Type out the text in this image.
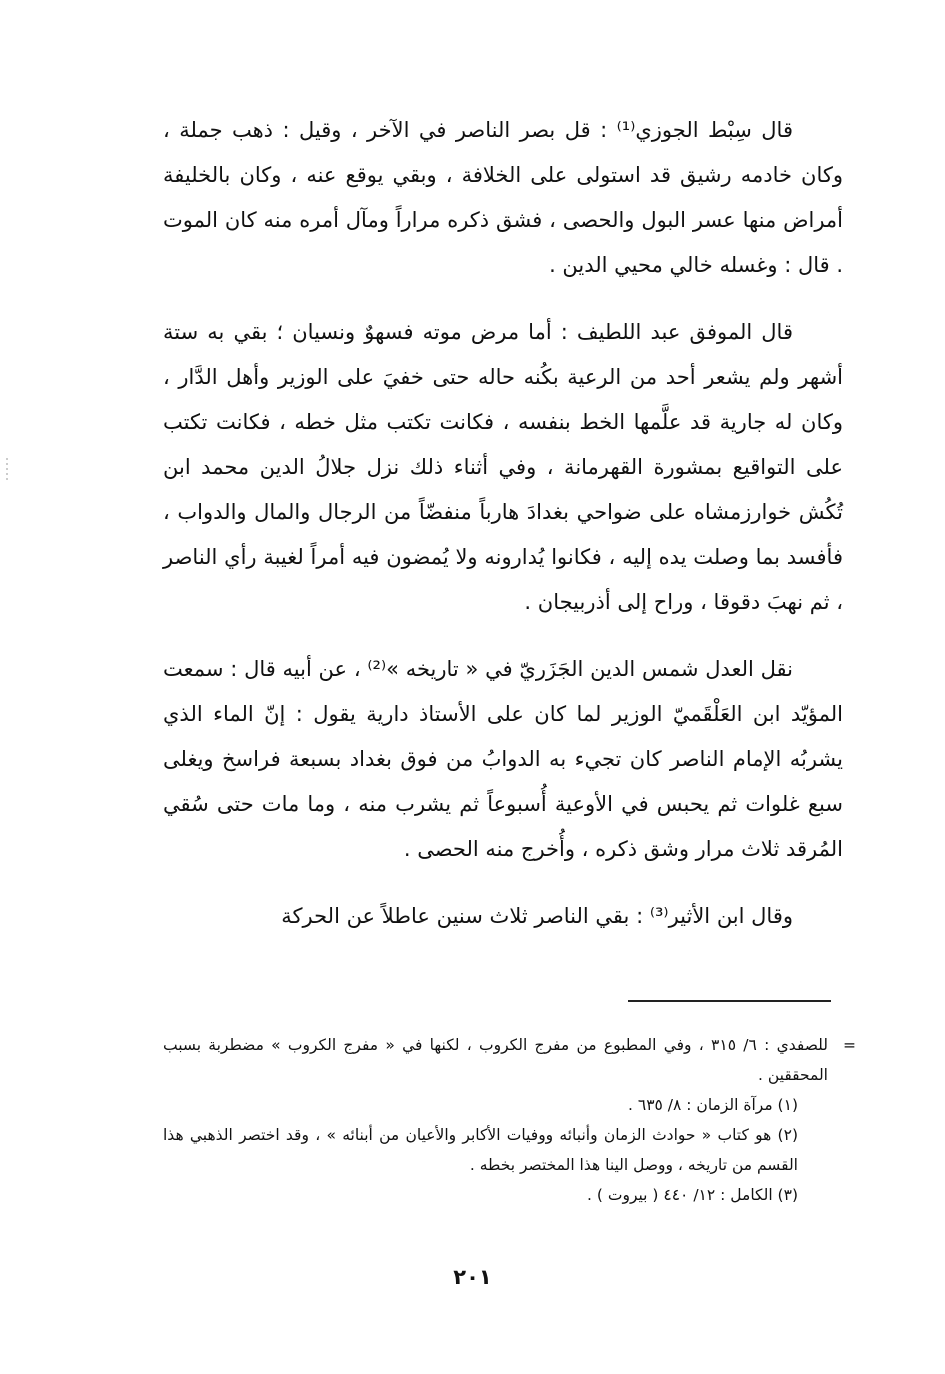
قال سِبْط الجوزي⁽¹⁾ : قل بصر الناصر في الآخر ، وقيل : ذهب جملة ، وكان خادمه رشيق قد استولى على الخلافة ، وبقي يوقع عنه ، وكان بالخليفة أمراض منها عسر البول والحصى ، فشق ذكره مراراً ومآل أمره منه كان الموت . قال : وغسله خالي محيي الدين .

قال الموفق عبد اللطيف : أما مرض موته فسهوٌ ونسيان ؛ بقي به ستة أشهر ولم يشعر أحد من الرعية بكُنه حاله حتى خفيَ على الوزير وأهل الدَّار ، وكان له جارية قد علَّمها الخط بنفسه ، فكانت تكتب مثل خطه ، فكانت تكتب على التواقيع بمشورة القهرمانة ، وفي أثناء ذلك نزل جلالُ الدين محمد ابن تُكُش خوارزمشاه على ضواحي بغدادَ هارباً منفضّاً من الرجال والمال والدواب ، فأفسد بما وصلت يده إليه ، فكانوا يُدارونه ولا يُمضون فيه أمراً لغيبة رأي الناصر ، ثم نهبَ دقوقا ، وراح إلى أذربيجان .

نقل العدل شمس الدين الجَزَريّ في « تاريخه »⁽²⁾ ، عن أبيه قال : سمعت المؤيّد ابن العَلْقَميّ الوزير لما كان على الأستاذ دارية يقول : إنّ الماء الذي يشربُه الإمام الناصر كان تجيء به الدوابُ من فوق بغداد بسبعة فراسخ ويغلى سبع غلوات ثم يحبس في الأوعية أُسبوعاً ثم يشرب منه ، وما مات حتى سُقي المُرقد ثلاث مرار وشق ذكره ، وأُخرج منه الحصى .

وقال ابن الأثير⁽³⁾ : بقي الناصر ثلاث سنين عاطلاً عن الحركة

=
للصفدي : ٦/ ٣١٥ ، وفي المطبوع من مفرج الكروب ، لكنها في « مفرج الكروب » مضطربة بسبب المحققين .

(١) مرآة الزمان : ٨/ ٦٣٥ .

(٢) هو كتاب « حوادث الزمان وأنبائه ووفيات الأكابر والأعيان من أبنائه » ، وقد اختصر الذهبي هذا القسم من تاريخه ، ووصل الينا هذا المختصر بخطه .

(٣) الكامل : ١٢/ ٤٤٠ ( بيروت ) .

٢٠١
